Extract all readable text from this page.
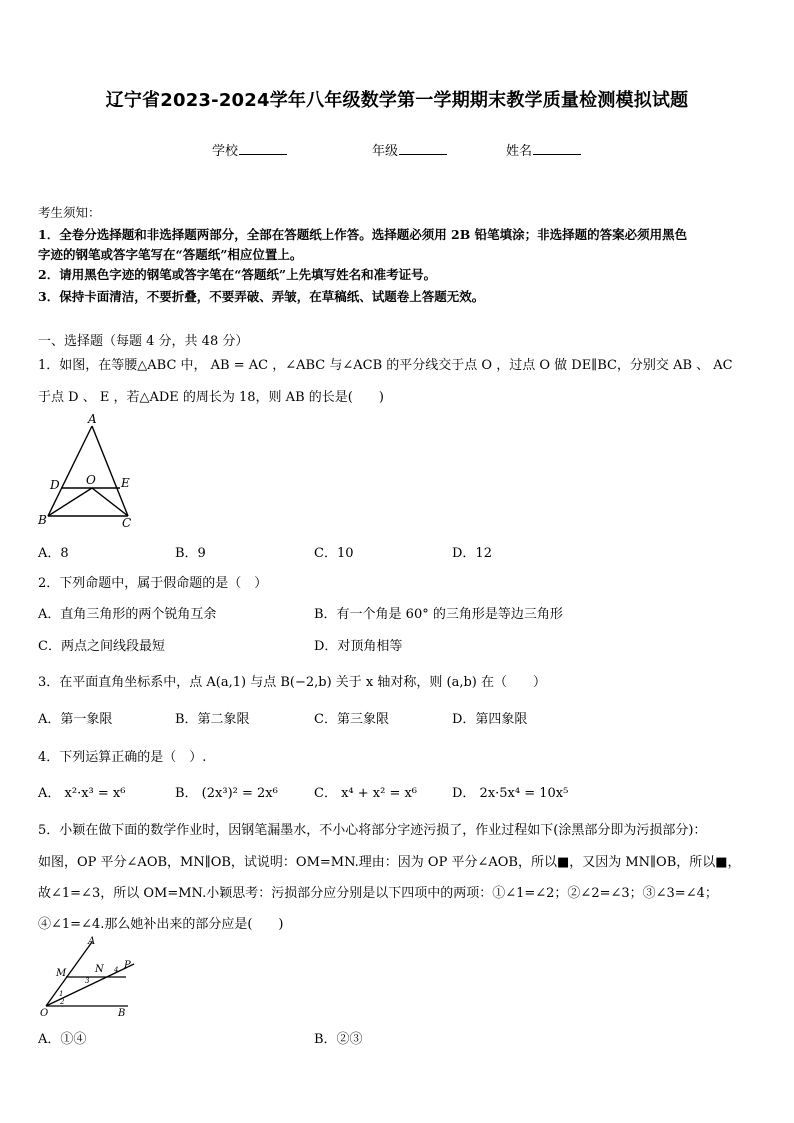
辽宁省2023-2024学年八年级数学第一学期期末教学质量检测模拟试题
学校	年级	姓名
考生须知：
1．全卷分选择题和非选择题两部分，全部在答题纸上作答。选择题必须用 2B 铅笔填涂；非选择题的答案必须用黑色
字迹的钢笔或答字笔写在“答题纸”相应位置上。
2．请用黑色字迹的钢笔或答字笔在“答题纸”上先填写姓名和准考证号。
3．保持卡面清洁，不要折叠，不要弄破、弄皱，在草稿纸、试题卷上答题无效。
一、选择题（每题 4 分，共 48 分）
1．如图，在等腰△ABC 中， AB = AC ，∠ABC 与∠ACB 的平分线交于点 O ，过点 O 做 DE∥BC，分别交 AB 、 AC
于点 D 、 E ，若△ADE 的周长为 18，则 AB 的长是(　　)
A
D O E
B	C
A．8	B．9	C．10	D．12
2．下列命题中，属于假命题的是（　）
A．直角三角形的两个锐角互余	B．有一个角是 60° 的三角形是等边三角形
C．两点之间线段最短	D．对顶角相等
3．在平面直角坐标系中，点 A(a,1) 与点 B(−2,b) 关于 x 轴对称，则 (a,b) 在（　　）
A．第一象限	B．第二象限	C．第三象限	D．第四象限
4．下列运算正确的是（　）.
A． x²·x³ = x⁶	B． (2x³)² = 2x⁶	C． x⁴ + x² = x⁶	D． 2x·5x⁴ = 10x⁵
5．小颖在做下面的数学作业时，因钢笔漏墨水，不小心将部分字迹污损了，作业过程如下(涂黑部分即为污损部分)：
如图，OP 平分∠AOB，MN∥OB，试说明：OM=MN.理由：因为 OP 平分∠AOB，所以■，又因为 MN∥OB，所以■，
故∠1=∠3，所以 OM=MN.小颖思考：污损部分应分别是以下四项中的两项：①∠1=∠2；②∠2=∠3；③∠3=∠4；
④∠1=∠4.那么她补出来的部分应是(　　)
A
M	N P
O	B
1
2
3
4
A．①④	B．②③
